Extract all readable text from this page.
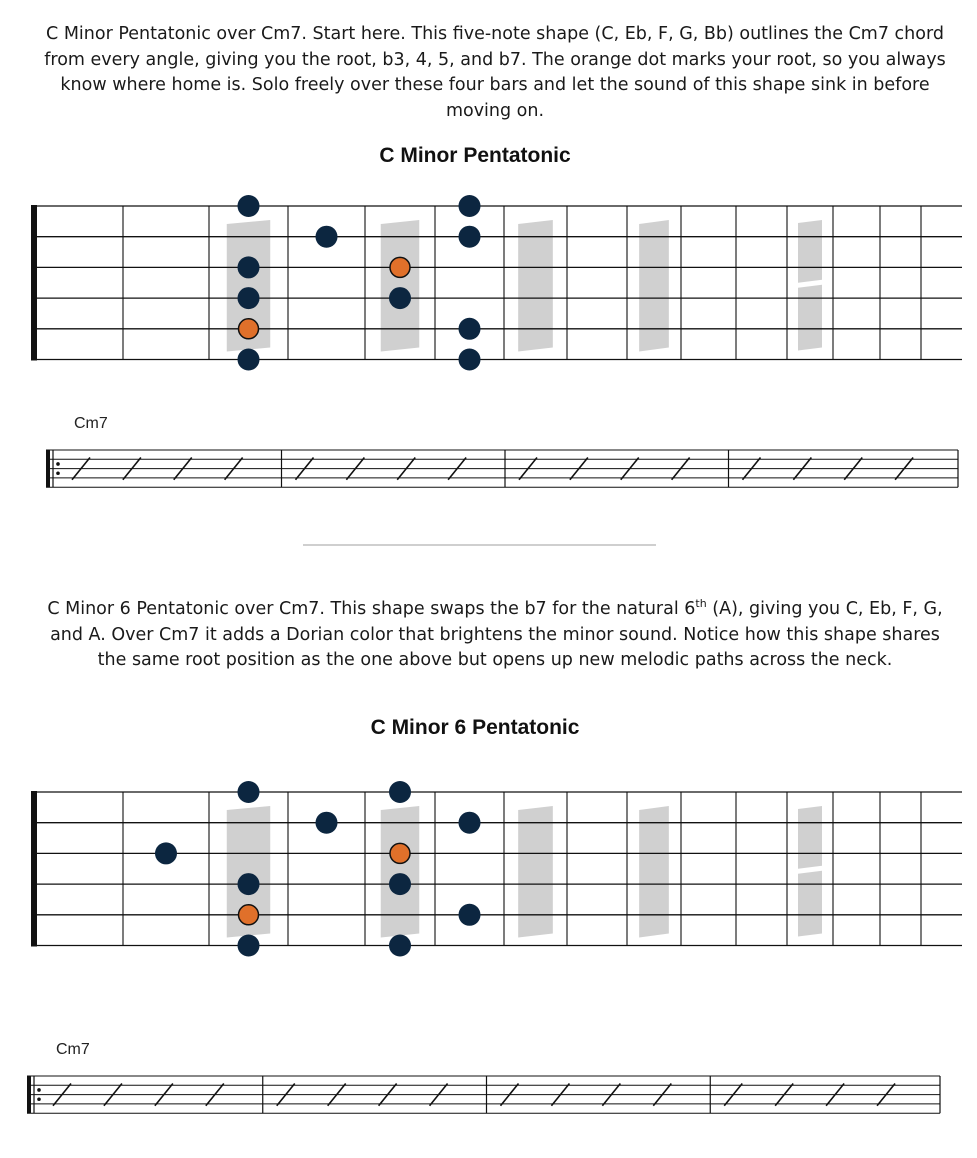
C Minor Pentatonic over Cm7. Start here. This five-note shape (C, Eb, F, G, Bb) outlines the Cm7 chord from every angle, giving you the root, b3, 4, 5, and b7. The orange dot marks your root, so you always know where home is. Solo freely over these four bars and let the sound of this shape sink in before moving on.

C Minor Pentatonic
Cm7

C Minor 6 Pentatonic over Cm7. This shape swaps the b7 for the natural 6th (A), giving you C, Eb, F, G, and A. Over Cm7 it adds a Dorian color that brightens the minor sound. Notice how this shape shares the same root position as the one above but opens up new melodic paths across the neck.

C Minor 6 Pentatonic
Cm7
